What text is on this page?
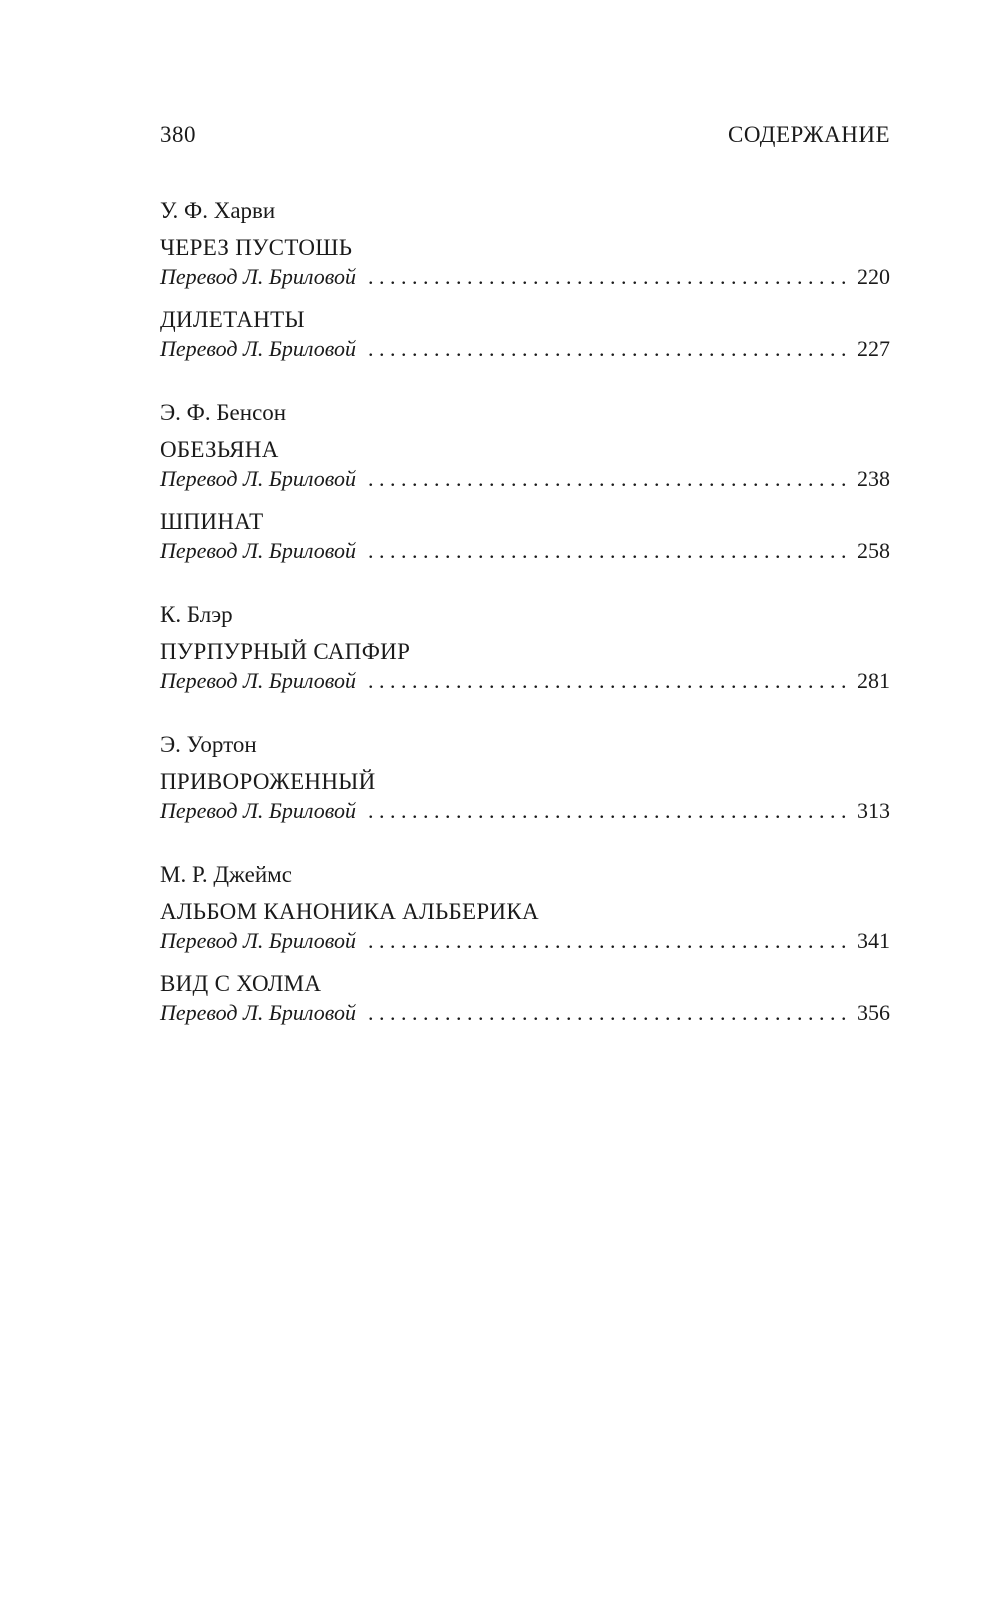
380	СОДЕРЖАНИЕ
У. Ф. Харви
ЧЕРЕЗ ПУСТОШЬ
Перевод Л. Бриловой . . .	220
ДИЛЕТАНТЫ
Перевод Л. Бриловой . . .	227
Э. Ф. Бенсон
ОБЕЗЬЯНА
Перевод Л. Бриловой . . .	238
ШПИНАТ
Перевод Л. Бриловой . . .	258
К. Блэр
ПУРПУРНЫЙ САПФИР
Перевод Л. Бриловой . . .	281
Э. Уортон
ПРИВОРОЖЕННЫЙ
Перевод Л. Бриловой . . .	313
М. Р. Джеймс
АЛЬБОМ КАНОНИКА АЛЬБЕРИКА
Перевод Л. Бриловой . . .	341
ВИД С ХОЛМА
Перевод Л. Бриловой . . .	356
